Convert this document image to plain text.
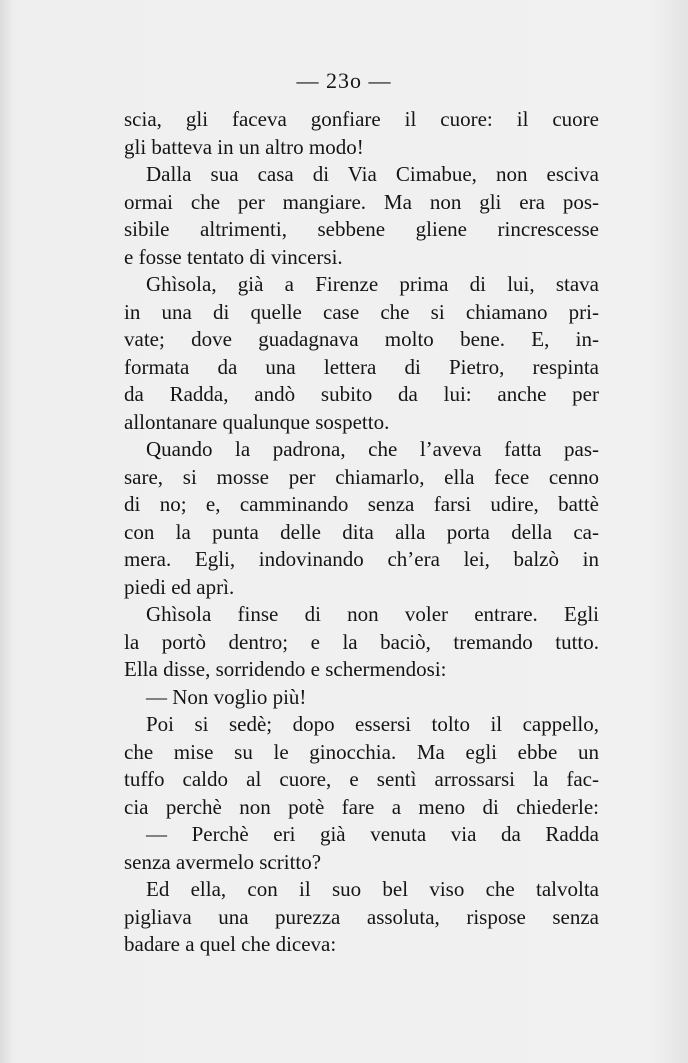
— 23o —
scia, gli faceva gonfiare il cuore: il cuore
gli batteva in un altro modo!
Dalla sua casa di Via Cimabue, non esciva
ormai che per mangiare. Ma non gli era pos-
sibile altrimenti, sebbene gliene rincrescesse
e fosse tentato di vincersi.
Ghìsola, già a Firenze prima di lui, stava
in una di quelle case che si chiamano pri-
vate; dove guadagnava molto bene. E, in-
formata da una lettera di Pietro, respinta
da Radda, andò subito da lui: anche per
allontanare qualunque sospetto.
Quando la padrona, che l’aveva fatta pas-
sare, si mosse per chiamarlo, ella fece cenno
di no; e, camminando senza farsi udire, battè
con la punta delle dita alla porta della ca-
mera. Egli, indovinando ch’era lei, balzò in
piedi ed aprì.
Ghìsola finse di non voler entrare. Egli
la portò dentro; e la baciò, tremando tutto.
Ella disse, sorridendo e schermendosi:
— Non voglio più!
Poi si sedè; dopo essersi tolto il cappello,
che mise su le ginocchia. Ma egli ebbe un
tuffo caldo al cuore, e sentì arrossarsi la fac-
cia perchè non potè fare a meno di chiederle:
— Perchè eri già venuta via da Radda
senza avermelo scritto?
Ed ella, con il suo bel viso che talvolta
pigliava una purezza assoluta, rispose senza
badare a quel che diceva:
